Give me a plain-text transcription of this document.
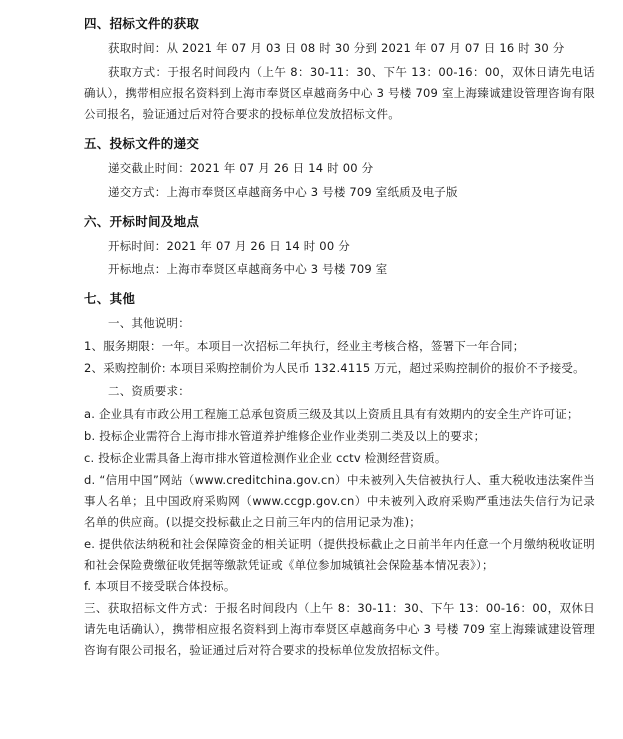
四、招标文件的获取
获取时间：从 2021 年 07 月 03 日 08 时 30 分到 2021 年 07 月 07 日 16 时 30 分
获取方式：于报名时间段内（上午 8：30-11：30、下午 13：00-16：00，双休日请先电话确认），携带相应报名资料到上海市奉贤区卓越商务中心 3 号楼 709 室上海臻诚建设管理咨询有限公司报名，验证通过后对符合要求的投标单位发放招标文件。
五、投标文件的递交
递交截止时间：2021 年 07 月 26 日 14 时 00 分
递交方式：上海市奉贤区卓越商务中心 3 号楼 709 室纸质及电子版
六、开标时间及地点
开标时间：2021 年 07 月 26 日 14 时 00 分
开标地点：上海市奉贤区卓越商务中心 3 号楼 709 室
七、其他
一、其他说明：
1、服务期限：一年。本项目一次招标二年执行，经业主考核合格，签署下一年合同；
2、采购控制价: 本项目采购控制价为人民币 132.4115 万元，超过采购控制价的报价不予接受。
二、资质要求：
a. 企业具有市政公用工程施工总承包资质三级及其以上资质且具有有效期内的安全生产许可证；
b. 投标企业需符合上海市排水管道养护维修企业作业类别二类及以上的要求；
c. 投标企业需具备上海市排水管道检测作业企业 cctv 检测经营资质。
d. “信用中国”网站（www.creditchina.gov.cn）中未被列入失信被执行人、重大税收违法案件当事人名单；且中国政府采购网（www.ccgp.gov.cn）中未被列入政府采购严重违法失信行为记录名单的供应商。(以提交投标截止之日前三年内的信用记录为准)；
e. 提供依法纳税和社会保障资金的相关证明（提供投标截止之日前半年内任意一个月缴纳税收证明和社会保险费缴征收凭据等缴款凭证或《单位参加城镇社会保险基本情况表》）；
f. 本项目不接受联合体投标。
三、获取招标文件方式：于报名时间段内（上午 8：30-11：30、下午 13：00-16：00，双休日请先电话确认），携带相应报名资料到上海市奉贤区卓越商务中心 3 号楼 709 室上海臻诚建设管理咨询有限公司报名，验证通过后对符合要求的投标单位发放招标文件。
